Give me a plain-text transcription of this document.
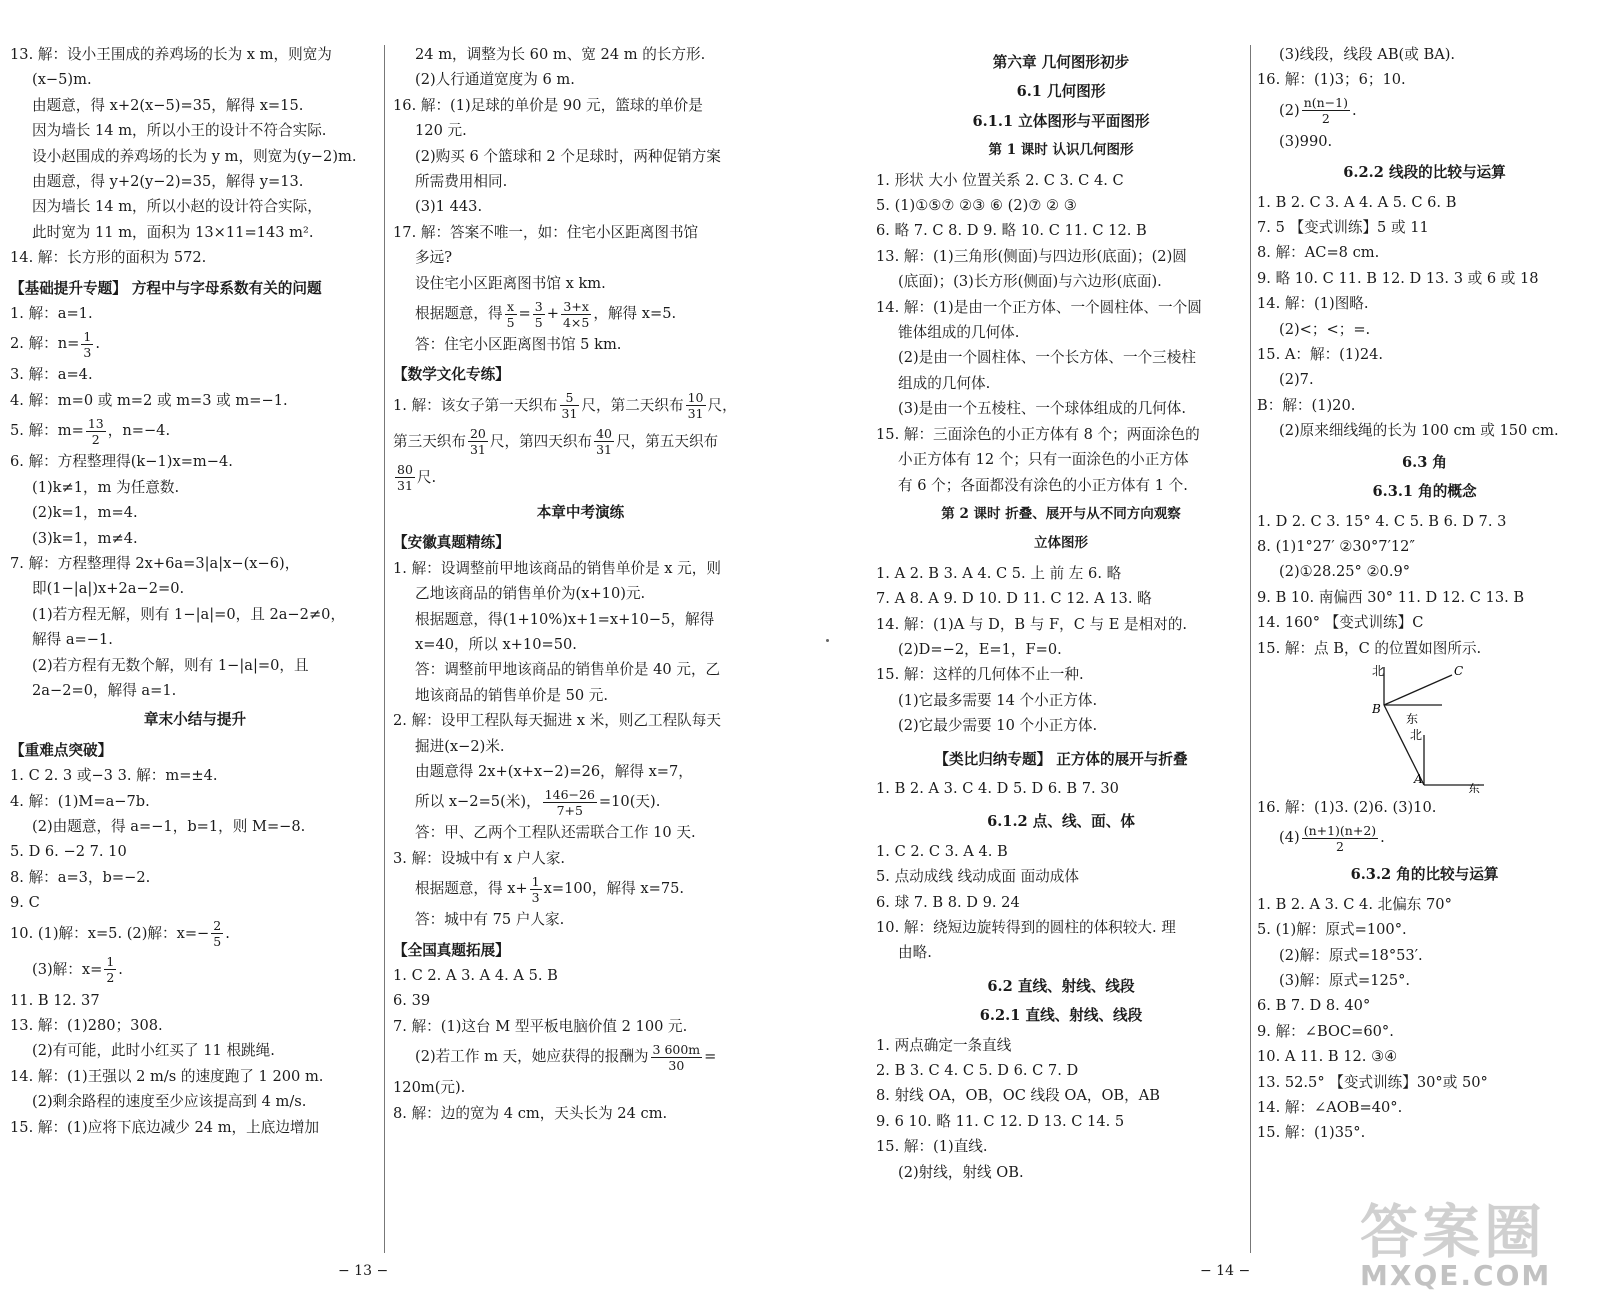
13. 解：设小王围成的养鸡场的长为 x m，则宽为
(x−5)m.
由题意，得 x+2(x−5)=35，解得 x=15.
因为墙长 14 m，所以小王的设计不符合实际.
设小赵围成的养鸡场的长为 y m，则宽为(y−2)m.
由题意，得 y+2(y−2)=35，解得 y=13.
因为墙长 14 m，所以小赵的设计符合实际，
此时宽为 11 m，面积为 13×11=143 m².
14. 解：长方形的面积为 572.
【基础提升专题】 方程中与字母系数有关的问题
1. 解：a=1.
2. 解：$n= \frac{1}{3}$ .
3. 解：a=4.
4. 解：m=0 或 m=2 或 m=3 或 m=−1.
5. 解：$m= \frac{13}{2}$ ，n=−4.
6. 解：方程整理得(k−1)x=m−4.
(1)k≠1，m 为任意数.
(2)k=1，m=4.
(3)k=1，m≠4.
7. 解：方程整理得 2x+6a=3|a|x−(x−6)，
即(1−|a|)x+2a−2=0.
(1)若方程无解，则有 1−|a|=0，且 2a−2≠0，
解得 a=−1.
(2)若方程有无数个解，则有 1−|a|=0，且
2a−2=0，解得 a=1.
章末小结与提升
【重难点突破】
1. C 2. 3 或−3 3. 解：m=±4.
4. 解：(1)M=a−7b.
(2)由题意，得 a=−1，b=1，则 M=−8.
5. D 6. −2 7. 10
8. 解：a=3，b=−2.
9. C
10. (1)解：x=5. (2)解：$x=- \frac{2}{5}$ .
(3)解：$x= \frac{1}{2}$ .
11. B 12. 37
13. 解：(1)280；308.
(2)有可能，此时小红买了 11 根跳绳.
14. 解：(1)王强以 2 m/s 的速度跑了 1 200 m.
(2)剩余路程的速度至少应该提高到 4 m/s.
15. 解：(1)应将下底边减少 24 m，上底边增加
24 m，调整为长 60 m、宽 24 m 的长方形.
(2)人行通道宽度为 6 m.
16. 解：(1)足球的单价是 90 元，篮球的单价是
120 元.
(2)购买 6 个篮球和 2 个足球时，两种促销方案
所需费用相同.
(3)1 443.
17. 解：答案不唯一，如：住宅小区距离图书馆
多远?
设住宅小区距离图书馆 x km.
根据题意，得 $\frac{x}{5} = \frac{3}{5} + \frac{3+x}{4\times 5}$ ，解得 x=5.
答：住宅小区距离图书馆 5 km.
【数学文化专练】
1. 解：该女子第一天织布 $\frac{5}{31}$ 尺，第二天织布 $\frac{10}{31}$ 尺，
第三天织布 $\frac{20}{31}$ 尺，第四天织布 $\frac{40}{31}$ 尺，第五天织布
$\frac{80}{31}$ 尺.
本章中考演练
【安徽真题精练】
1. 解：设调整前甲地该商品的销售单价是 x 元，则
乙地该商品的销售单价为(x+10)元.
根据题意，得(1+10%)x+1=x+10−5，解得
x=40，所以 x+10=50.
答：调整前甲地该商品的销售单价是 40 元，乙
地该商品的销售单价是 50 元.
2. 解：设甲工程队每天掘进 x 米，则乙工程队每天
掘进(x−2)米.
由题意得 2x+(x+x−2)=26，解得 x=7，
所以 x−2=5(米)， $\frac{146-26}{7+5} =10$(天).
答：甲、乙两个工程队还需联合工作 10 天.
3. 解：设城中有 x 户人家.
根据题意，得 $x+ \frac{1}{3} x=100$，解得 x=75.
答：城中有 75 户人家.
【全国真题拓展】
1. C 2. A 3. A 4. A 5. B
6. 39
7. 解：(1)这台 M 型平板电脑价值 2 100 元.
(2)若工作 m 天，她应获得的报酬为 $\frac{3 600m}{30}$ =
120m(元).
8. 解：边的宽为 4 cm，天头长为 24 cm.
第六章 几何图形初步
6.1 几何图形
6.1.1 立体图形与平面图形
第 1 课时 认识几何图形
1. 形状 大小 位置关系 2. C 3. C 4. C
5. (1)①⑤⑦ ②③ ⑥ (2)⑦ ② ③
6. 略 7. C 8. D 9. 略 10. C 11. C 12. B
13. 解：(1)三角形(侧面)与四边形(底面)；(2)圆
(底面)；(3)长方形(侧面)与六边形(底面).
14. 解：(1)是由一个正方体、一个圆柱体、一个圆
锥体组成的几何体.
(2)是由一个圆柱体、一个长方体、一个三棱柱
组成的几何体.
(3)是由一个五棱柱、一个球体组成的几何体.
15. 解：三面涂色的小正方体有 8 个；两面涂色的
小正方体有 12 个；只有一面涂色的小正方体
有 6 个；各面都没有涂色的小正方体有 1 个.
第 2 课时 折叠、展开与从不同方向观察
立体图形
1. A 2. B 3. A 4. C 5. 上 前 左 6. 略
7. A 8. A 9. D 10. D 11. C 12. A 13. 略
14. 解：(1)A 与 D，B 与 F，C 与 E 是相对的.
(2)D=−2，E=1，F=0.
15. 解：这样的几何体不止一种.
(1)它最多需要 14 个小正方体.
(2)它最少需要 10 个小正方体.
【类比归纳专题】 正方体的展开与折叠
1. B 2. A 3. C 4. D 5. D 6. B 7. 30
6.1.2 点、线、面、体
1. C 2. C 3. A 4. B
5. 点动成线 线动成面 面动成体
6. 球 7. B 8. D 9. 24
10. 解：绕短边旋转得到的圆柱的体积较大. 理
由略.
6.2 直线、射线、线段
6.2.1 直线、射线、线段
1. 两点确定一条直线
2. B 3. C 4. C 5. D 6. C 7. D
8. 射线 OA，OB，OC 线段 OA，OB，AB
9. 6 10. 略 11. C 12. D 13. C 14. 5
15. 解：(1)直线.
(2)射线，射线 OB.
(3)线段，线段 AB(或 BA).
16. 解：(1)3；6；10.
$(2) \frac{n(n-1)}{2}$ .
(3)990.
6.2.2 线段的比较与运算
1. B 2. C 3. A 4. A 5. C 6. B
7. 5 【变式训练】5 或 11
8. 解：AC=8 cm.
9. 略 10. C 11. B 12. D 13. 3 或 6 或 18
14. 解：(1)图略.
(2)<；<；=.
15. A：解：(1)24.
(2)7.
B：解：(1)20.
(2)原来细线绳的长为 100 cm 或 150 cm.
6.3 角
6.3.1 角的概念
1. D 2. C 3. 15° 4. C 5. B 6. D 7. 3
8. (1)1°27′ ②30°7′12″
(2)①28.25° ②0.9°
9. B 10. 南偏西 30° 11. D 12. C 13. B
14. 160° 【变式训练】C
15. 解：点 B，C 的位置如图所示.
北
B
东
C
北
A
东
16. 解：(1)3. (2)6. (3)10.
$(4) \frac{(n+1)(n+2)}{2}$ .
6.3.2 角的比较与运算
1. B 2. A 3. C 4. 北偏东 70°
5. (1)解：原式=100°.
(2)解：原式=18°53′.
(3)解：原式=125°.
6. B 7. D 8. 40°
9. 解：∠BOC=60°.
10. A 11. B 12. ③④
13. 52.5° 【变式训练】30°或 50°
14. 解：∠AOB=40°.
15. 解：(1)35°.
− 13 −	− 14 −
答案圈
MXQE.COM
